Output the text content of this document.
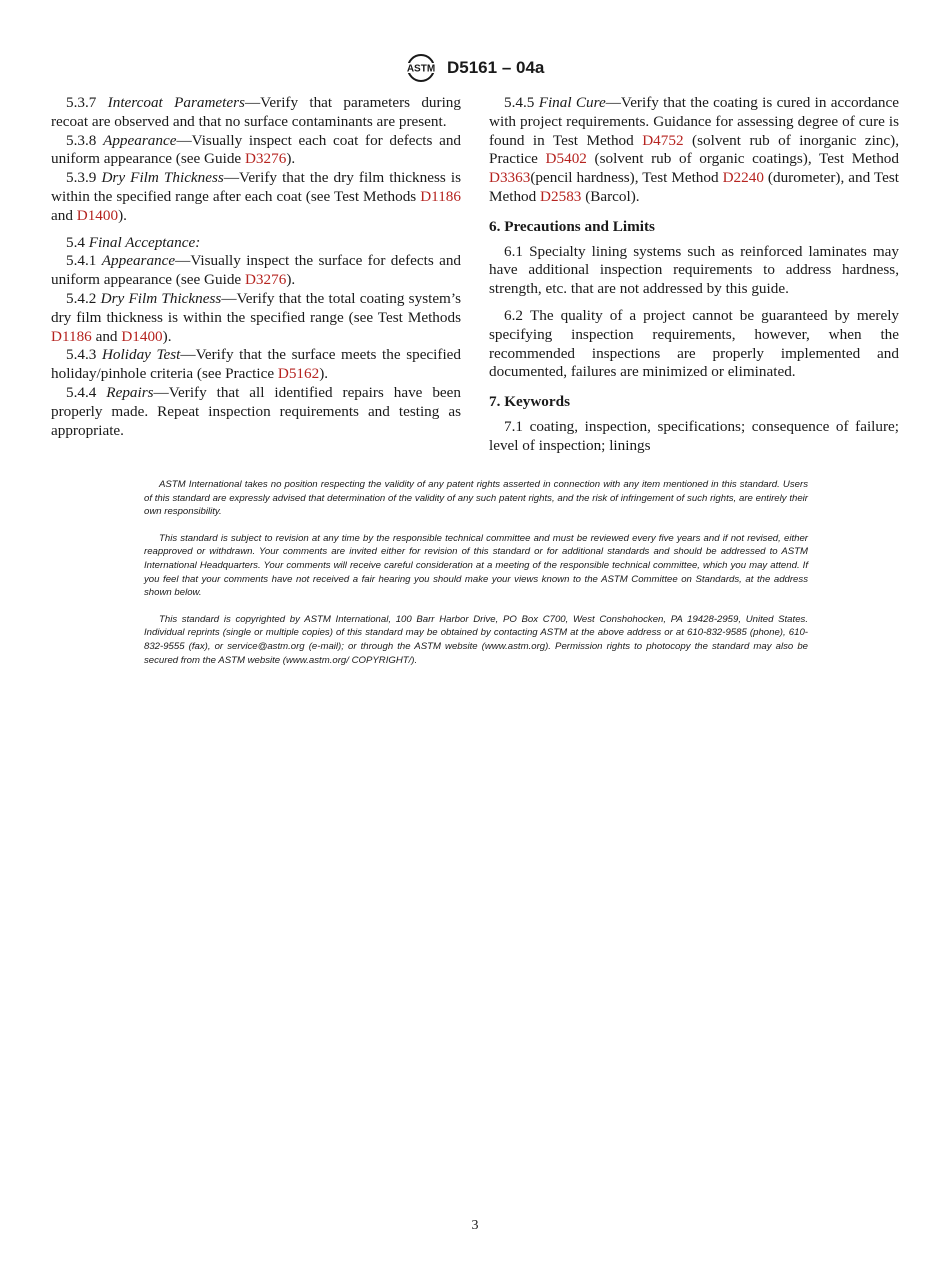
ASTM D5161 – 04a

5.3.7 Intercoat Parameters—Verify that parameters during recoat are observed and that no surface contaminants are present.

5.3.8 Appearance—Visually inspect each coat for defects and uniform appearance (see Guide D3276).

5.3.9 Dry Film Thickness—Verify that the dry film thickness is within the specified range after each coat (see Test Methods D1186 and D1400).

5.4 Final Acceptance:

5.4.1 Appearance—Visually inspect the surface for defects and uniform appearance (see Guide D3276).

5.4.2 Dry Film Thickness—Verify that the total coating system’s dry film thickness is within the specified range (see Test Methods D1186 and D1400).

5.4.3 Holiday Test—Verify that the surface meets the specified holiday/pinhole criteria (see Practice D5162).

5.4.4 Repairs—Verify that all identified repairs have been properly made. Repeat inspection requirements and testing as appropriate.

5.4.5 Final Cure—Verify that the coating is cured in accordance with project requirements. Guidance for assessing degree of cure is found in Test Method D4752 (solvent rub of inorganic zinc), Practice D5402 (solvent rub of organic coatings), Test Method D3363(pencil hardness), Test Method D2240 (durometer), and Test Method D2583 (Barcol).

6. Precautions and Limits

6.1 Specialty lining systems such as reinforced laminates may have additional inspection requirements to address hardness, strength, etc. that are not addressed by this guide.

6.2 The quality of a project cannot be guaranteed by merely specifying inspection requirements, however, when the recommended inspections are properly implemented and documented, failures are minimized or eliminated.

7. Keywords

7.1 coating, inspection, specifications; consequence of failure; level of inspection; linings

ASTM International takes no position respecting the validity of any patent rights asserted in connection with any item mentioned in this standard. Users of this standard are expressly advised that determination of the validity of any such patent rights, and the risk of infringement of such rights, are entirely their own responsibility.

This standard is subject to revision at any time by the responsible technical committee and must be reviewed every five years and if not revised, either reapproved or withdrawn. Your comments are invited either for revision of this standard or for additional standards and should be addressed to ASTM International Headquarters. Your comments will receive careful consideration at a meeting of the responsible technical committee, which you may attend. If you feel that your comments have not received a fair hearing you should make your views known to the ASTM Committee on Standards, at the address shown below.

This standard is copyrighted by ASTM International, 100 Barr Harbor Drive, PO Box C700, West Conshohocken, PA 19428-2959, United States. Individual reprints (single or multiple copies) of this standard may be obtained by contacting ASTM at the above address or at 610-832-9585 (phone), 610-832-9555 (fax), or service@astm.org (e-mail); or through the ASTM website (www.astm.org). Permission rights to photocopy the standard may also be secured from the ASTM website (www.astm.org/ COPYRIGHT/).

3
